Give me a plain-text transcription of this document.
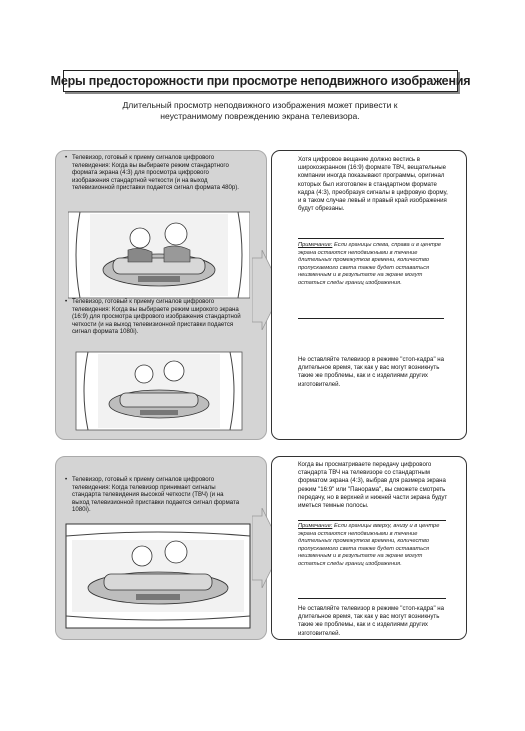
Меры предосторожности при просмотре неподвижного изображения
Длительный просмотр неподвижного изображения может привести к неустранимому повреждению экрана телевизора.
• Телевизор, готовый к приему сигналов цифрового телевидения: Когда вы выбираете режим стандартного формата экрана (4:3) для просмотра цифрового изображения стандартной четкости (и на выход телевизионной приставки подается сигнал формата 480р).
• Телевизор, готовый к приему сигналов цифрового телевидения: Когда вы выбираете режим широкого экрана (16:9) для просмотра цифрового изображения стандартной четкости (и на выход телевизионной приставки подается сигнал формата 1080i).
Хотя цифровое вещание должно вестись в широкоэкранном (16:9) формате ТВЧ, вещательные компании иногда показывают программы, оригинал которых был изготовлен в стандартном формате кадра (4:3), преобразуя сигналы в цифровую форму, и в таком случае левый и правый край изображения будут обрезаны.
Примечание: Если границы слева, справа и в центре экрана остаются неподвижными в течение длительных промежутков времени, количество пропускаемого света также будет оставаться неизменным и в результате на экране могут остаться следы границ изображения.
Не оставляйте телевизор в режиме "стоп-кадра" на длительное время, так как у вас могут возникнуть такие же проблемы, как и с изделиями других изготовителей.
• Телевизор, готовый к приему сигналов цифрового телевидения: Когда телевизор принимает сигналы стандарта телевидения высокой четкости (ТВЧ) (и на выход телевизионной приставки подается сигнал формата 1080i).
Когда вы просматриваете передачу цифрового стандарта ТВЧ на телевизоре со стандартным форматом экрана (4:3), выбрав для размера экрана режим "16:9" или "Панорама", вы сможете смотреть передачу, но в верхней и нижней части экрана будут иметься темные полосы.
Примечание: Если границы вверху, внизу и в центре экрана остаются неподвижными в течение длительных промежутков времени, количество пропускаемого света также будет оставаться неизменным и в результате на экране могут остаться следы границ изображения.
Не оставляйте телевизор в режиме "стоп-кадра" на длительное время, так как у вас могут возникнуть такие же проблемы, как и с изделиями других изготовителей.
